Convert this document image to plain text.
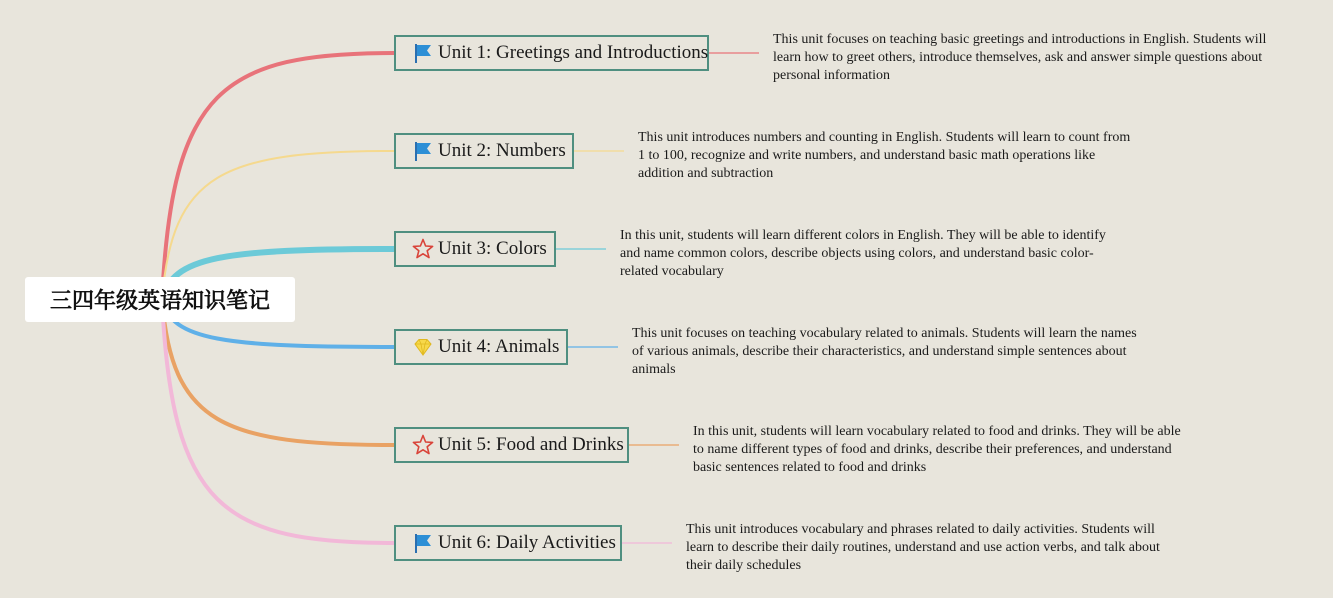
三四年级英语知识笔记
Unit 1: Greetings and Introductions
This unit focuses on teaching basic greetings and introductions in English. Students will learn how to greet others, introduce themselves, ask and answer simple questions about personal information
Unit 2: Numbers
This unit introduces numbers and counting in English. Students will learn to count from 1 to 100, recognize and write numbers, and understand basic math operations like addition and subtraction
Unit 3: Colors
In this unit, students will learn different colors in English. They will be able to identify and name common colors, describe objects using colors, and understand basic color-related vocabulary
Unit 4: Animals
This unit focuses on teaching vocabulary related to animals. Students will learn the names of various animals, describe their characteristics, and understand simple sentences about animals
Unit 5: Food and Drinks
In this unit, students will learn vocabulary related to food and drinks. They will be able to name different types of food and drinks, describe their preferences, and understand basic sentences related to food and drinks
Unit 6: Daily Activities
This unit introduces vocabulary and phrases related to daily activities. Students will learn to describe their daily routines, understand and use action verbs, and talk about their daily schedules
